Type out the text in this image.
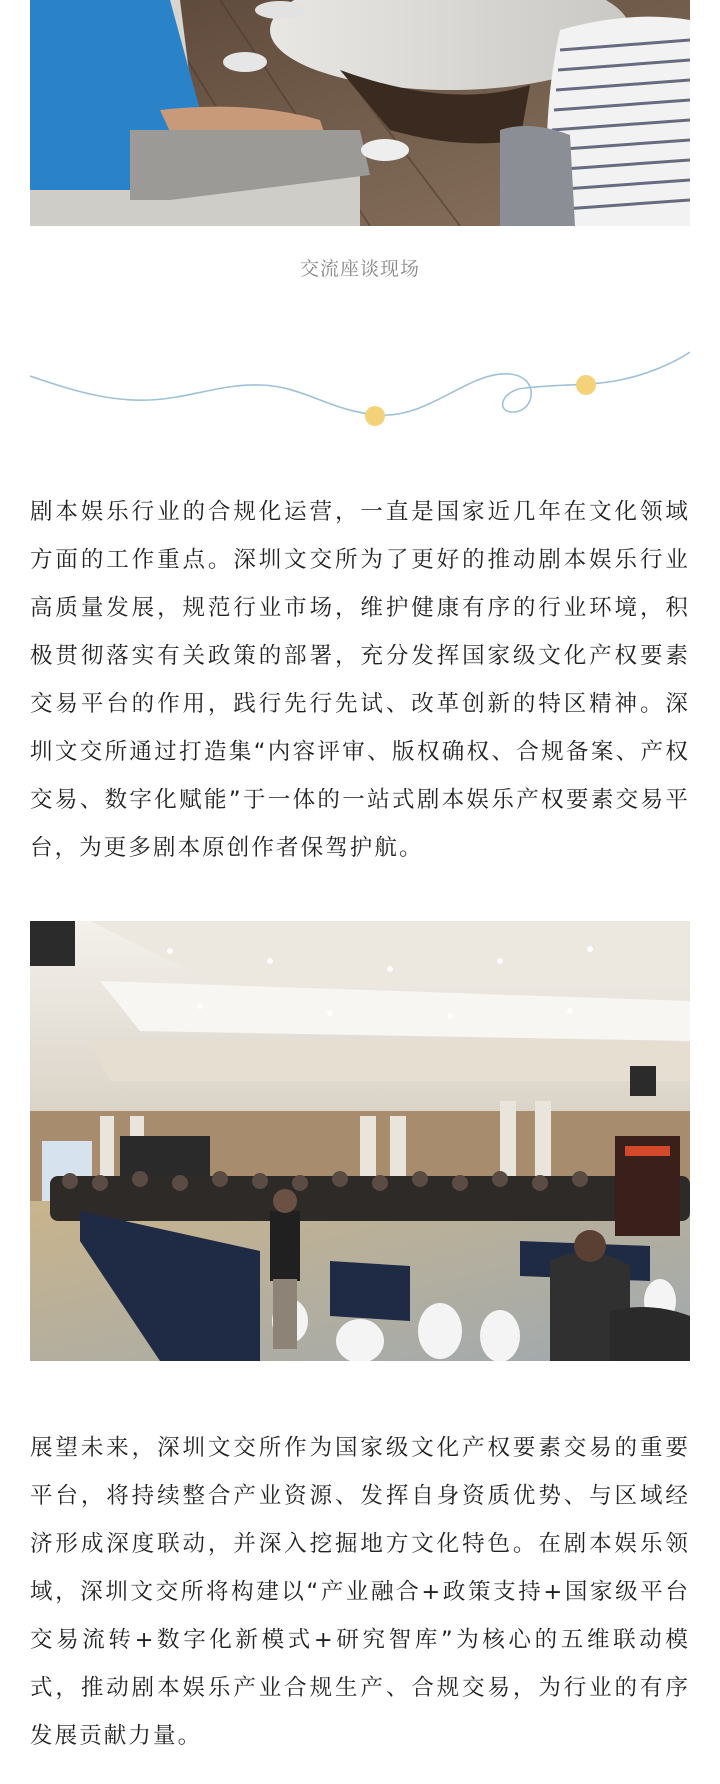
交流座谈现场

剧本娱乐行业的合规化运营，一直是国家近几年在文化领域方面的工作重点。深圳文交所为了更好的推动剧本娱乐行业高质量发展，规范行业市场，维护健康有序的行业环境，积极贯彻落实有关政策的部署，充分发挥国家级文化产权要素交易平台的作用，践行先行先试、改革创新的特区精神。深圳文交所通过打造集“内容评审、版权确权、合规备案、产权交易、数字化赋能”于一体的一站式剧本娱乐产权要素交易平台，为更多剧本原创作者保驾护航。

展望未来，深圳文交所作为国家级文化产权要素交易的重要平台，将持续整合产业资源、发挥自身资质优势、与区域经济形成深度联动，并深入挖掘地方文化特色。在剧本娱乐领域，深圳文交所将构建以“产业融合+政策支持+国家级平台交易流转+数字化新模式+研究智库”为核心的五维联动模式，推动剧本娱乐产业合规生产、合规交易，为行业的有序发展贡献力量。
